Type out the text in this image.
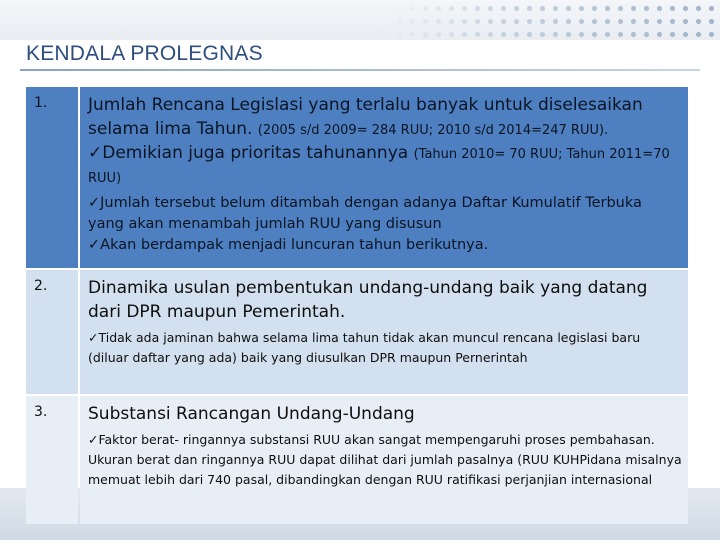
KENDALA PROLEGNAS
1.	Jumlah Rencana Legislasi yang terlalu banyak untuk diselesaikan selama lima Tahun. (2005 s/d 2009= 284 RUU; 2010 s/d 2014=247 RUU).
✓Demikian juga prioritas tahunannya (Tahun 2010= 70 RUU; Tahun 2011=70 RUU)
✓Jumlah tersebut belum ditambah dengan adanya Daftar Kumulatif Terbuka yang akan menambah jumlah RUU yang disusun
✓Akan berdampak menjadi luncuran tahun berikutnya.
2.	Dinamika usulan pembentukan undang‑undang baik yang datang dari DPR maupun Pemerintah.
✓Tidak ada jaminan bahwa selama lima tahun tidak akan muncul rencana legislasi baru (diluar daftar yang ada) baik yang diusulkan DPR maupun Pernerintah
3.	Substansi Rancangan Undang‑Undang
✓Faktor berat- ringannya substansi RUU akan sangat mempengaruhi proses pembahasan. Ukuran berat dan ringannya RUU dapat dilihat dari jumlah pasalnya (RUU KUHPidana misalnya memuat lebih dari 740 pasal, dibandingkan dengan RUU ratifikasi perjanjian internasional
